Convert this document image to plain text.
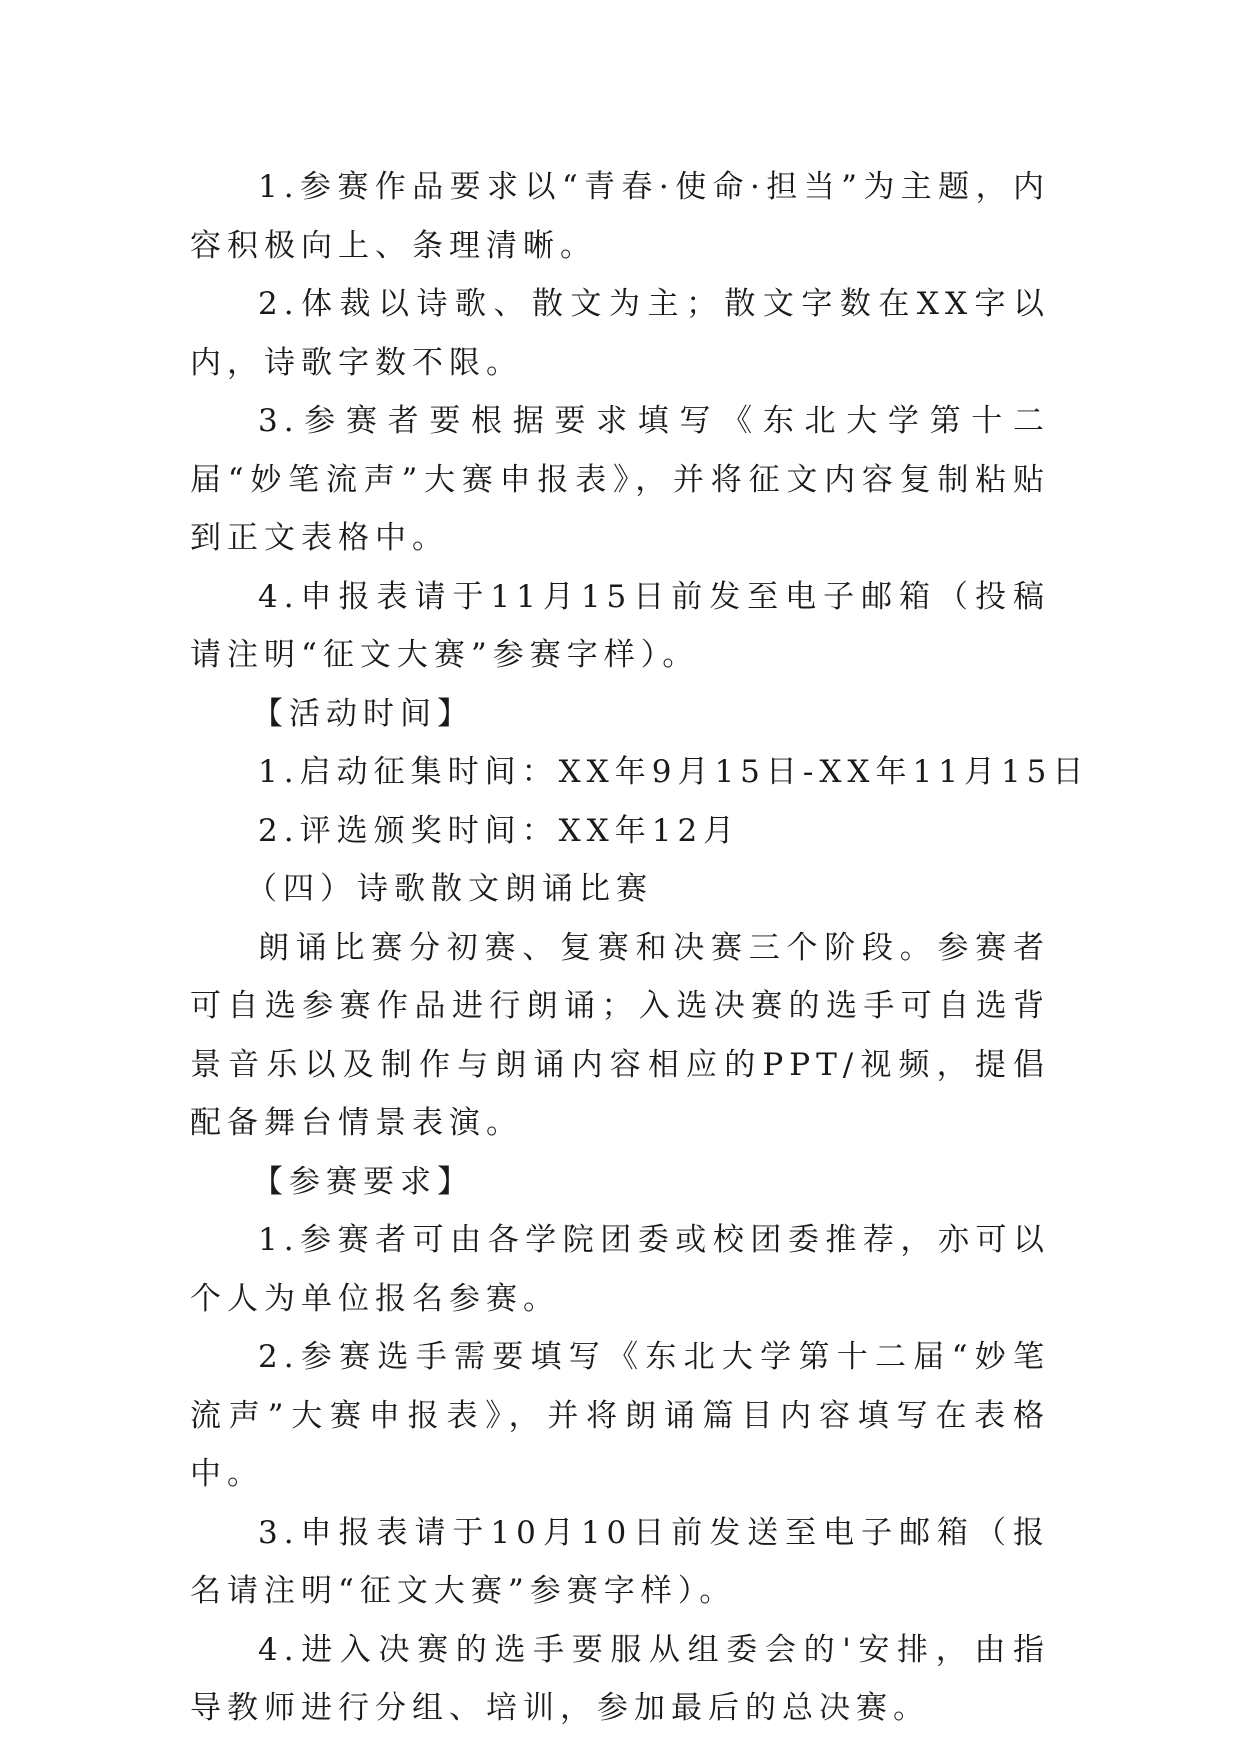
1.参赛作品要求以“青春·使命·担当”为主题，内容积极向上、条理清晰。

2.体裁以诗歌、散文为主；散文字数在XX字以内，诗歌字数不限。

3.参赛者要根据要求填写《东北大学第十二届“妙笔流声”大赛申报表》，并将征文内容复制粘贴到正文表格中。

4.申报表请于11月15日前发至电子邮箱（投稿请注明“征文大赛”参赛字样）。

【活动时间】

1.启动征集时间：XX年9月15日-XX年11月15日

2.评选颁奖时间：XX年12月

（四）诗歌散文朗诵比赛

朗诵比赛分初赛、复赛和决赛三个阶段。参赛者可自选参赛作品进行朗诵；入选决赛的选手可自选背景音乐以及制作与朗诵内容相应的PPT/视频，提倡配备舞台情景表演。

【参赛要求】

1.参赛者可由各学院团委或校团委推荐，亦可以个人为单位报名参赛。

2.参赛选手需要填写《东北大学第十二届“妙笔流声”大赛申报表》，并将朗诵篇目内容填写在表格中。

3.申报表请于10月10日前发送至电子邮箱（报名请注明“征文大赛”参赛字样）。

4.进入决赛的选手要服从组委会的'安排，由指导教师进行分组、培训，参加最后的总决赛。
